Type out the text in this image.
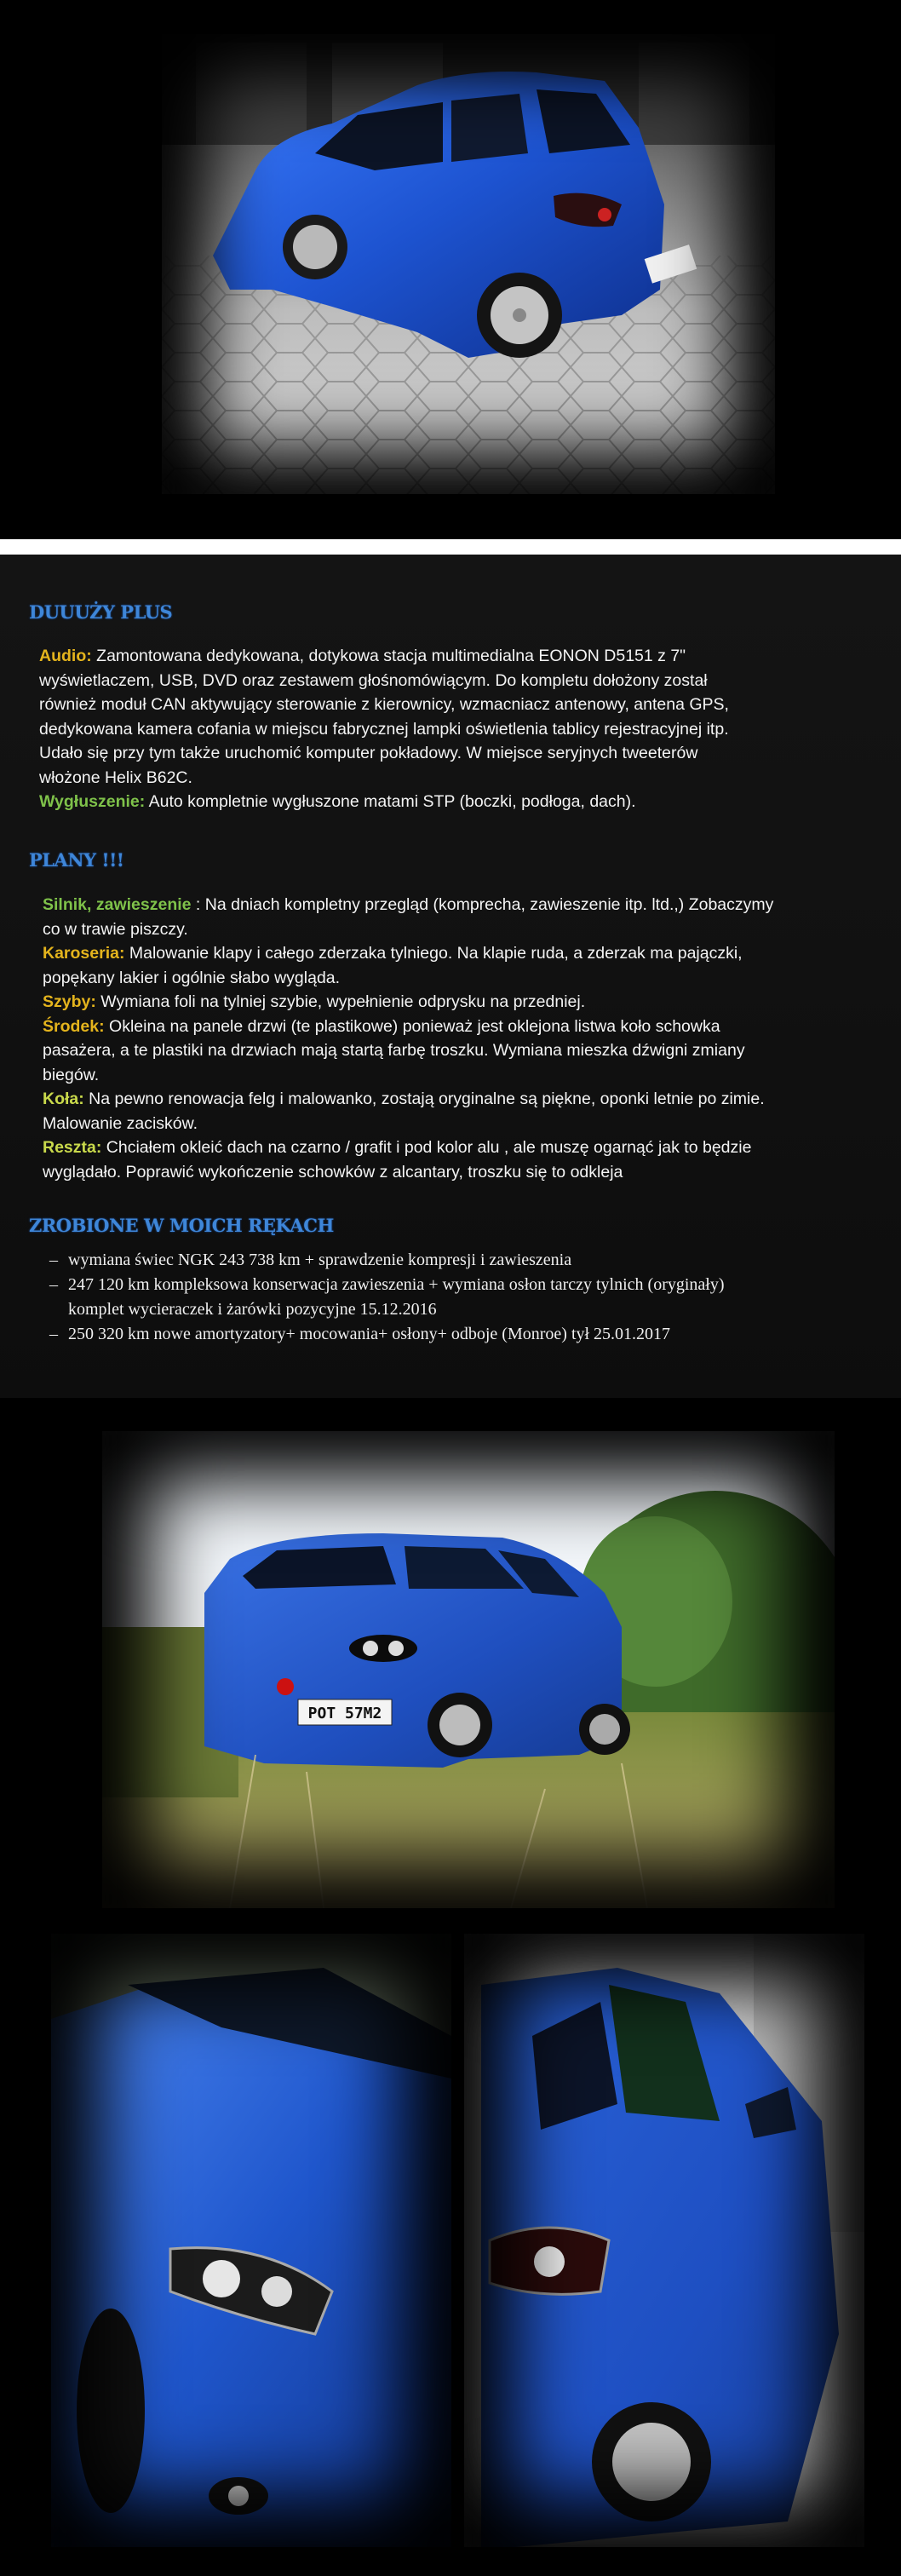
DUUUŻY PLUS
Audio: Zamontowana dedykowana, dotykowa stacja multimedialna EONON D5151 z 7"
wyświetlaczem, USB, DVD oraz zestawem głośnomówiącym. Do kompletu dołożony został
również moduł CAN aktywujący sterowanie z kierownicy, wzmacniacz antenowy, antena GPS,
dedykowana kamera cofania w miejscu fabrycznej lampki oświetlenia tablicy rejestracyjnej itp.
Udało się przy tym także uruchomić komputer pokładowy. W miejsce seryjnych tweeterów
włożone Helix B62C.
Wygłuszenie: Auto kompletnie wygłuszone matami STP (boczki, podłoga, dach).
PLANY !!!
Silnik, zawieszenie : Na dniach kompletny przegląd (komprecha, zawieszenie itp. ltd.,) Zobaczymy
co w trawie piszczy.
Karoseria: Malowanie klapy i całego zderzaka tylniego. Na klapie ruda, a zderzak ma pajączki,
popękany lakier i ogólnie słabo wygląda.
Szyby: Wymiana foli na tylniej szybie, wypełnienie odprysku na przedniej.
Środek: Okleina na panele drzwi (te plastikowe) ponieważ jest oklejona listwa koło schowka
pasażera, a te plastiki na drzwiach mają startą farbę troszku. Wymiana mieszka dźwigni zmiany
biegów.
Koła: Na pewno renowacja felg i malowanko, zostają oryginalne są piękne, oponki letnie po zimie.
Malowanie zacisków.
Reszta: Chciałem okleić dach na czarno / grafit i pod kolor alu , ale muszę ogarnąć jak to będzie
wyglądało. Poprawić wykończenie schowków z alcantary, troszku się to odkleja
ZROBIONE W MOICH RĘKACH
– wymiana świec NGK 243 738 km + sprawdzenie kompresji i zawieszenia
– 247 120 km kompleksowa konserwacja zawieszenia + wymiana osłon tarczy tylnich (oryginały)
komplet wycieraczek i żarówki pozycyjne 15.12.2016
– 250 320 km nowe amortyzatory+ mocowania+ osłony+ odboje (Monroe) tył 25.01.2017
POT 57M2
